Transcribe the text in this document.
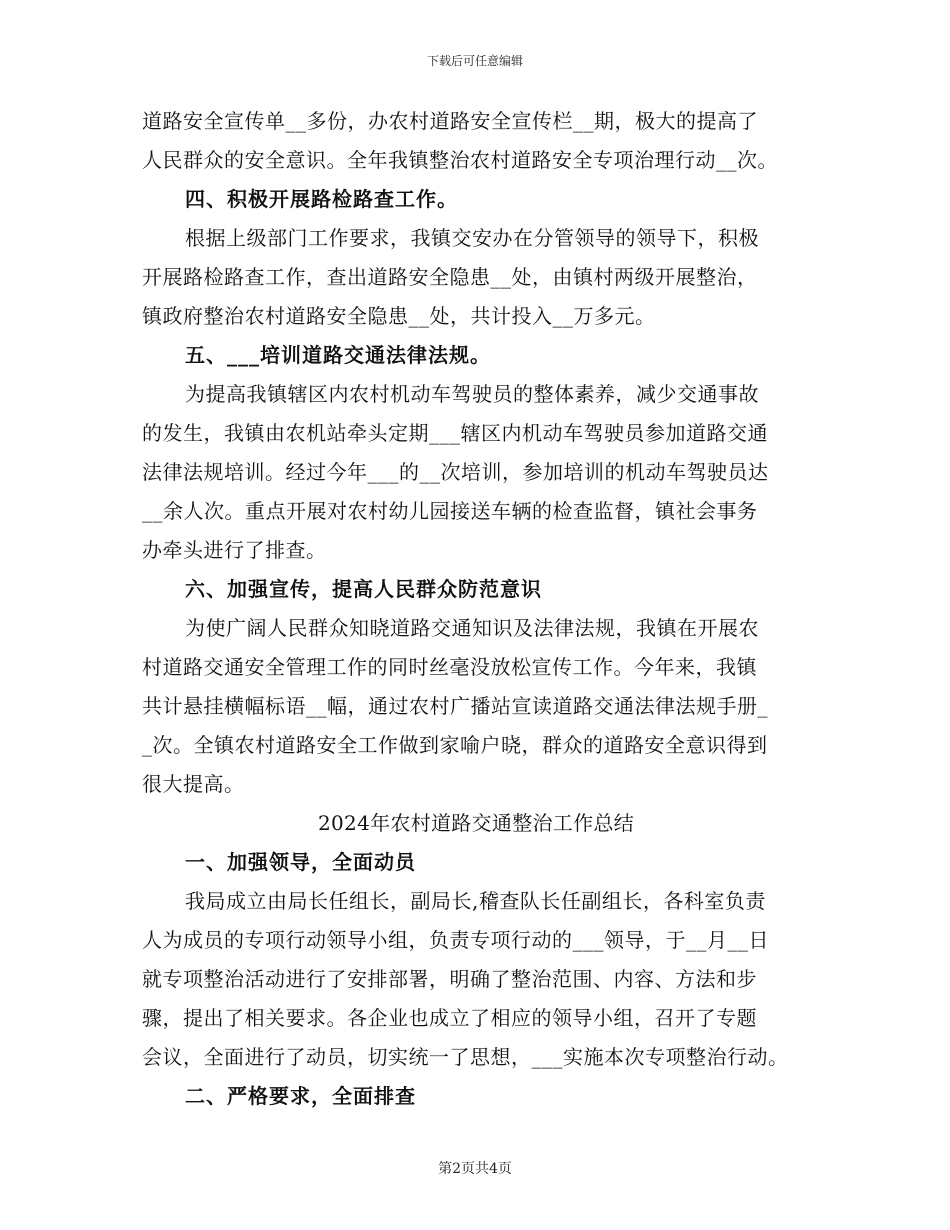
下载后可任意编辑
道路安全宣传单__多份，办农村道路安全宣传栏__期，极大的提高了
人民群众的安全意识。全年我镇整治农村道路安全专项治理行动__次。
四、积极开展路检路查工作。
根据上级部门工作要求，我镇交安办在分管领导的领导下，积极
开展路检路查工作，查出道路安全隐患__处，由镇村两级开展整治，
镇政府整治农村道路安全隐患__处，共计投入__万多元。
五、___培训道路交通法律法规。
为提高我镇辖区内农村机动车驾驶员的整体素养，减少交通事故
的发生，我镇由农机站牵头定期___辖区内机动车驾驶员参加道路交通
法律法规培训。经过今年___的__次培训，参加培训的机动车驾驶员达
__余人次。重点开展对农村幼儿园接送车辆的检查监督，镇社会事务
办牵头进行了排查。
六、加强宣传，提高人民群众防范意识
为使广阔人民群众知晓道路交通知识及法律法规，我镇在开展农
村道路交通安全管理工作的同时丝毫没放松宣传工作。今年来，我镇
共计悬挂横幅标语__幅，通过农村广播站宣读道路交通法律法规手册_
_次。全镇农村道路安全工作做到家喻户晓，群众的道路安全意识得到
很大提高。
2024年农村道路交通整治工作总结
一、加强领导，全面动员
我局成立由局长任组长，副局长,稽查队长任副组长，各科室负责
人为成员的专项行动领导小组，负责专项行动的___领导，于__月__日
就专项整治活动进行了安排部署，明确了整治范围、内容、方法和步
骤，提出了相关要求。各企业也成立了相应的领导小组，召开了专题
会议，全面进行了动员，切实统一了思想，___实施本次专项整治行动。
二、严格要求，全面排查
第2页共4页
